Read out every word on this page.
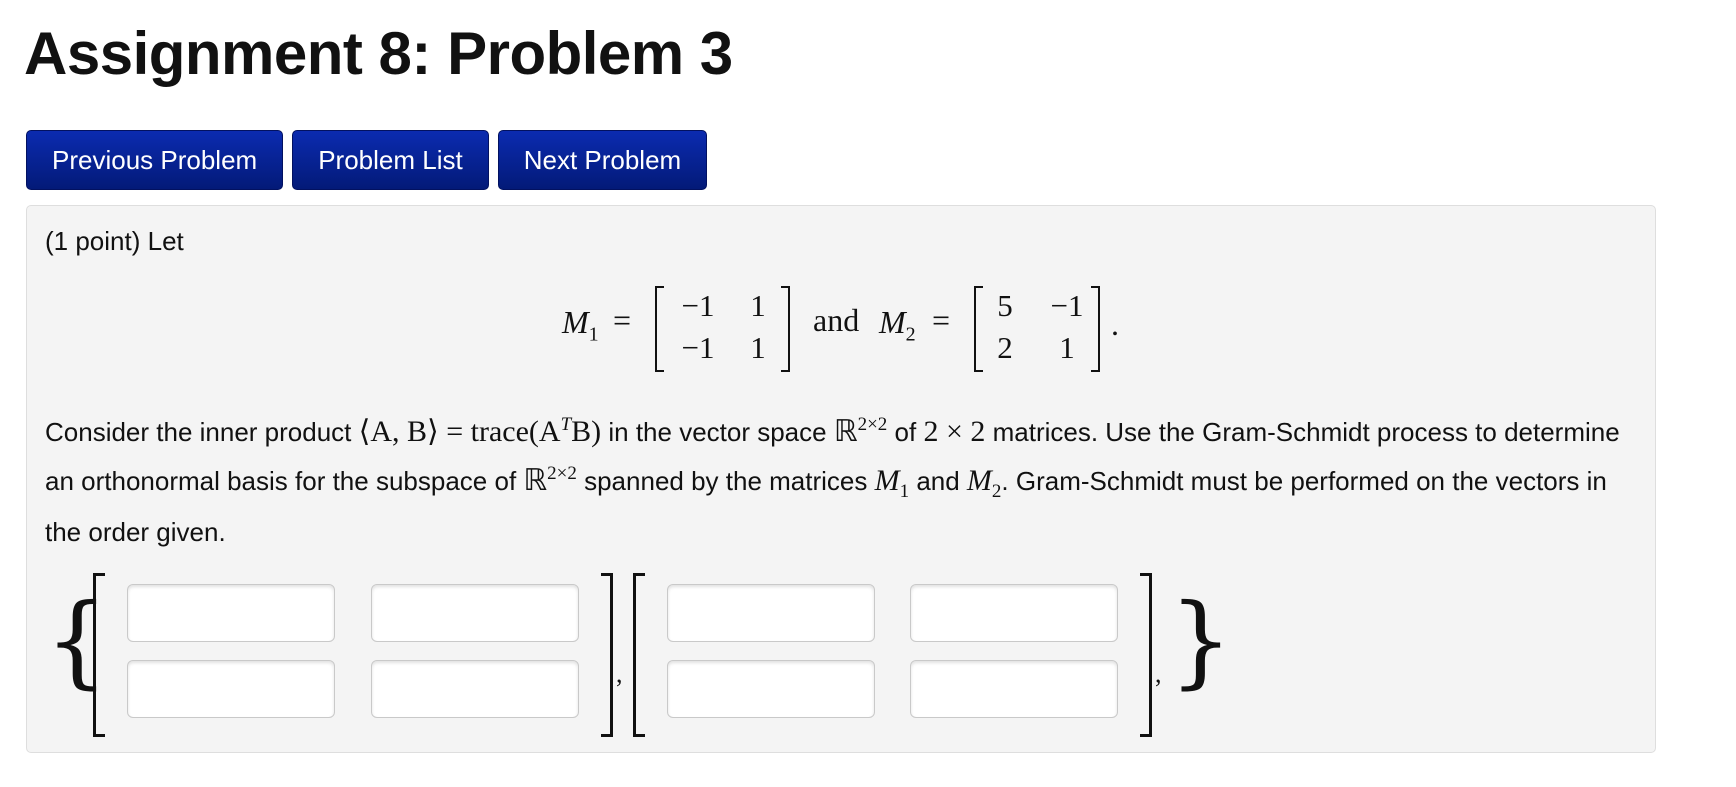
Assignment 8: Problem 3
Previous Problem	Problem List	Next Problem
(1 point) Let
$M_1 = -1$	1
−1	1
and $M_2$ =	5	−1
2	1
.
Consider the inner product ⟨A, B⟩ = $trace(A^TB)$ in the vector space ℝ$^{2\times 2}$ of 2 × 2 matrices. Use the Gram-Schmidt process to determine an orthonormal basis for the subspace of ℝ$^{2\times 2}$ spanned by the matrices $M_1$ and $M_2$. Gram-Schmidt must be performed on the vectors in the order given.
{	,	, }
